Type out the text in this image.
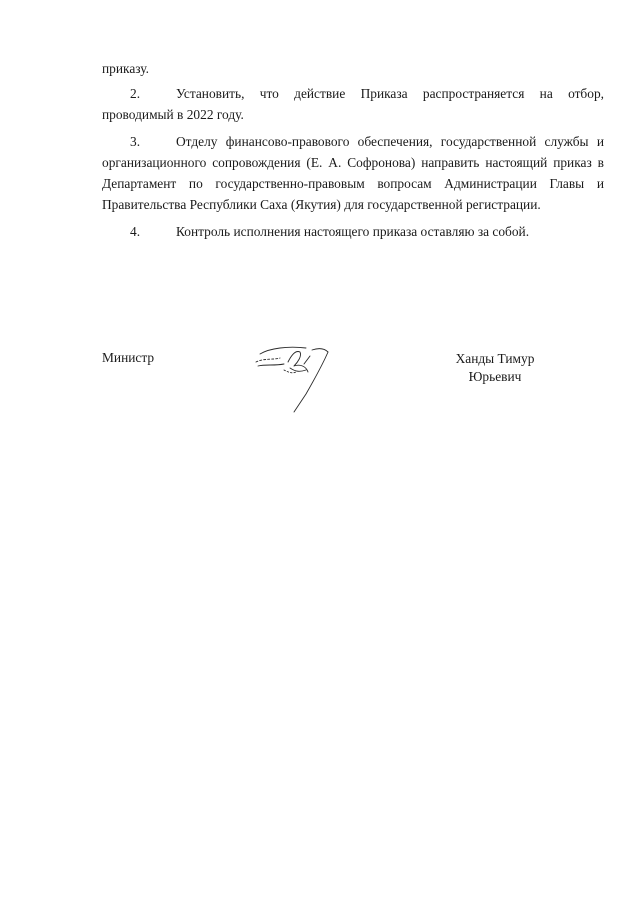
приказу.

2.	Установить, что действие Приказа распространяется на отбор, проводимый в 2022 году.

3.	Отделу финансово-правового обеспечения, государственной службы и организационного сопровождения (Е. А. Софронова) направить настоящий приказ в Департамент по государственно-правовым вопросам Администрации Главы и Правительства Республики Саха (Якутия) для государственной регистрации.

4.	Контроль исполнения настоящего приказа оставляю за собой.

Министр	Ханды Тимур
Юрьевич
